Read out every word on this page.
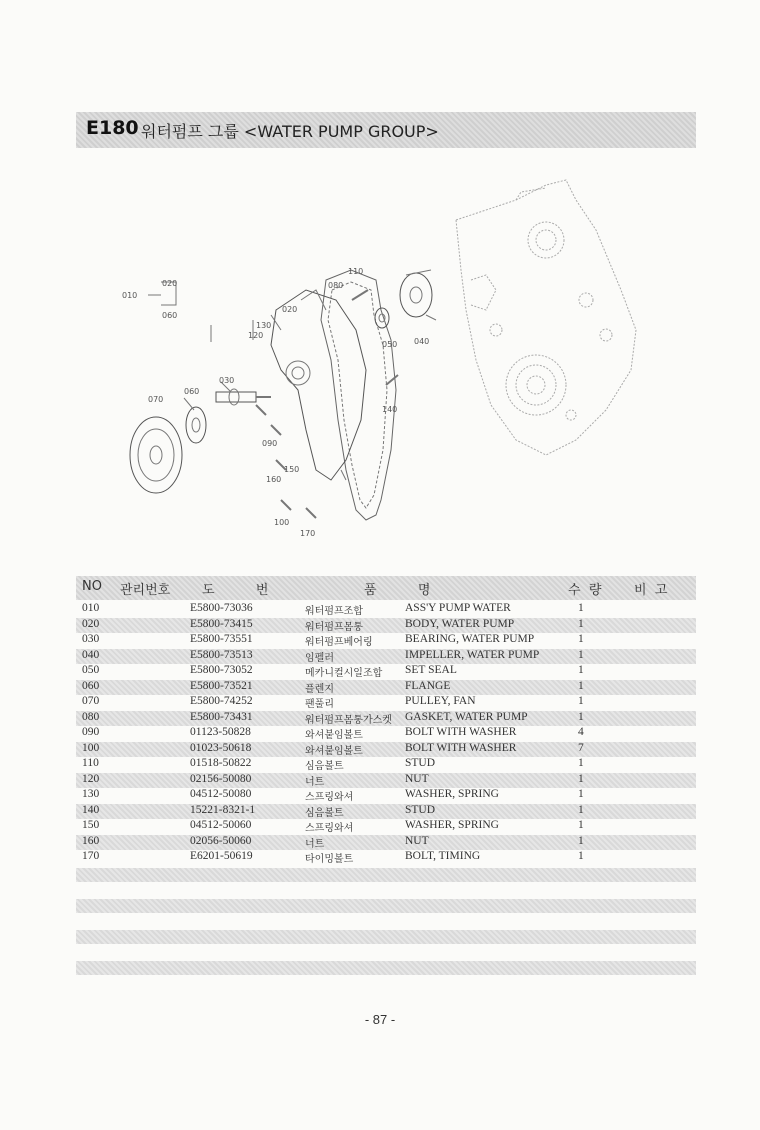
E180 워터펌프 그룹 <WATER PUMP GROUP>
020
010
060
020
110
080
130
120
050 040
030
060
070
140
090
150
160
100
170
NO 관리번호 도          번	품          명	수  량	비  고
010	E5800-73036	워터펌프조합	ASS'Y PUMP WATER	1
020	E5800-73415	워터펌프몸통	BODY, WATER PUMP	1
030	E5800-73551	워터펌프베어링	BEARING, WATER PUMP	1
040	E5800-73513	임펠러	IMPELLER, WATER PUMP	1
050	E5800-73052	메카니컬시일조합 SET SEAL	1
060	E5800-73521	플렌지	FLANGE	1
070	E5800-74252	팬풀리	PULLEY, FAN	1
080	E5800-73431	워터펌프몸통가스켓 GASKET, WATER PUMP	1
090	01123-50828	와셔붙임볼트	BOLT WITH WASHER	4
100	01023-50618	와셔붙임볼트	BOLT WITH WASHER	7
110	01518-50822	심음볼트	STUD	1
120	02156-50080	너트	NUT	1
130	04512-50080	스프링와셔	WASHER, SPRING	1
140	15221-8321-1	심음볼트	STUD	1
150	04512-50060	스프링와셔	WASHER, SPRING	1
160	02056-50060	너트	NUT	1
170	E6201-50619	타이밍볼트	BOLT, TIMING	1
- 87 -
